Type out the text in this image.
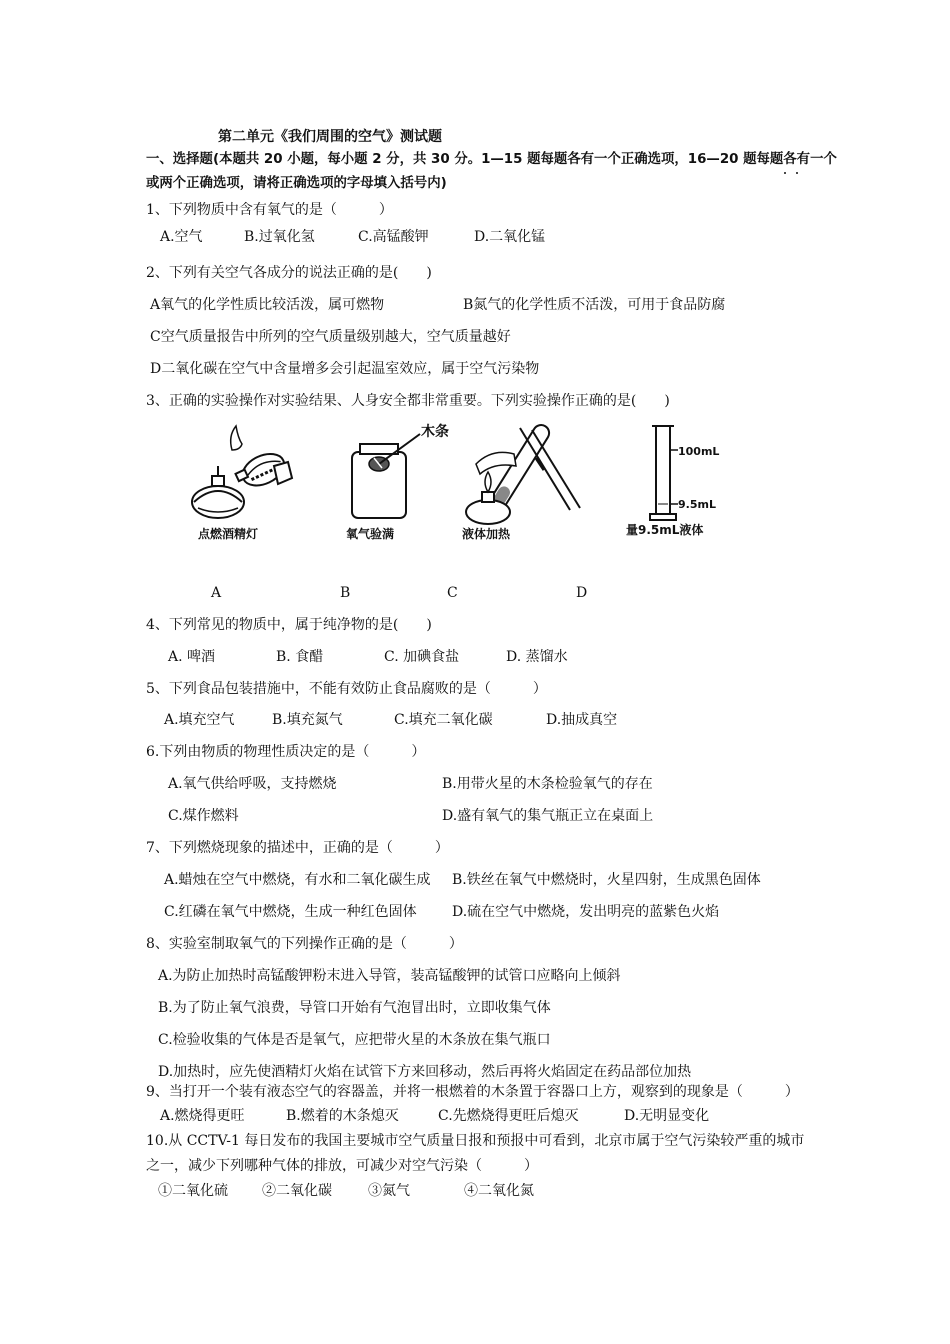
第二单元《我们周围的空气》测试题
一、选择题(本题共 20 小题，每小题 2 分，共 30 分。1—15 题每题各有一个正确选项，16—20 题每题各有一个
或两个正确选项，请将正确选项的字母填入括号内)
1、下列物质中含有氧气的是（　　　）
A.空气	B.过氧化氢	C.高锰酸钾	D.二氧化锰
2、下列有关空气各成分的说法正确的是(　　)
A氧气的化学性质比较活泼，属可燃物	B氮气的化学性质不活泼，可用于食品防腐
C空气质量报告中所列的空气质量级别越大，空气质量越好
D二氧化碳在空气中含量增多会引起温室效应，属于空气污染物
3、正确的实验操作对实验结果、人身安全都非常重要。下列实验操作正确的是(　　)
点燃酒精灯
木条
氧气验满	液体加热
100mL
9.5mL
量9.5mL液体
A	B	C	D
4、下列常见的物质中，属于纯净物的是(　　)
A. 啤酒	B. 食醋	C. 加碘食盐	D. 蒸馏水
5、下列食品包装措施中，不能有效防止食品腐败的是（　　　）
A.填充空气	B.填充氮气	C.填充二氧化碳	D.抽成真空
6.下列由物质的物理性质决定的是（　　　）
A.氧气供给呼吸，支持燃烧	B.用带火星的木条检验氧气的存在
C.煤作燃料	D.盛有氧气的集气瓶正立在桌面上
7、下列燃烧现象的描述中，正确的是（　　　）
A.蜡烛在空气中燃烧，有水和二氧化碳生成 B.铁丝在氧气中燃烧时，火星四射，生成黑色固体
C.红磷在氧气中燃烧，生成一种红色固体	D.硫在空气中燃烧，发出明亮的蓝紫色火焰
8、实验室制取氧气的下列操作正确的是（　　　）
A.为防止加热时高锰酸钾粉末进入导管，装高锰酸钾的试管口应略向上倾斜
B.为了防止氧气浪费，导管口开始有气泡冒出时，立即收集气体
C.检验收集的气体是否是氧气，应把带火星的木条放在集气瓶口
D.加热时，应先使酒精灯火焰在试管下方来回移动，然后再将火焰固定在药品部位加热
9、当打开一个装有液态空气的容器盖，并将一根燃着的木条置于容器口上方，观察到的现象是（　　　）
A.燃烧得更旺	B.燃着的木条熄灭	C.先燃烧得更旺后熄灭	D.无明显变化
10.从 CCTV-1 每日发布的我国主要城市空气质量日报和预报中可看到，北京市属于空气污染较严重的城市
之一，减少下列哪种气体的排放，可减少对空气污染（　　　）
①二氧化硫 ②二氧化碳	③氮气	④二氧化氮
